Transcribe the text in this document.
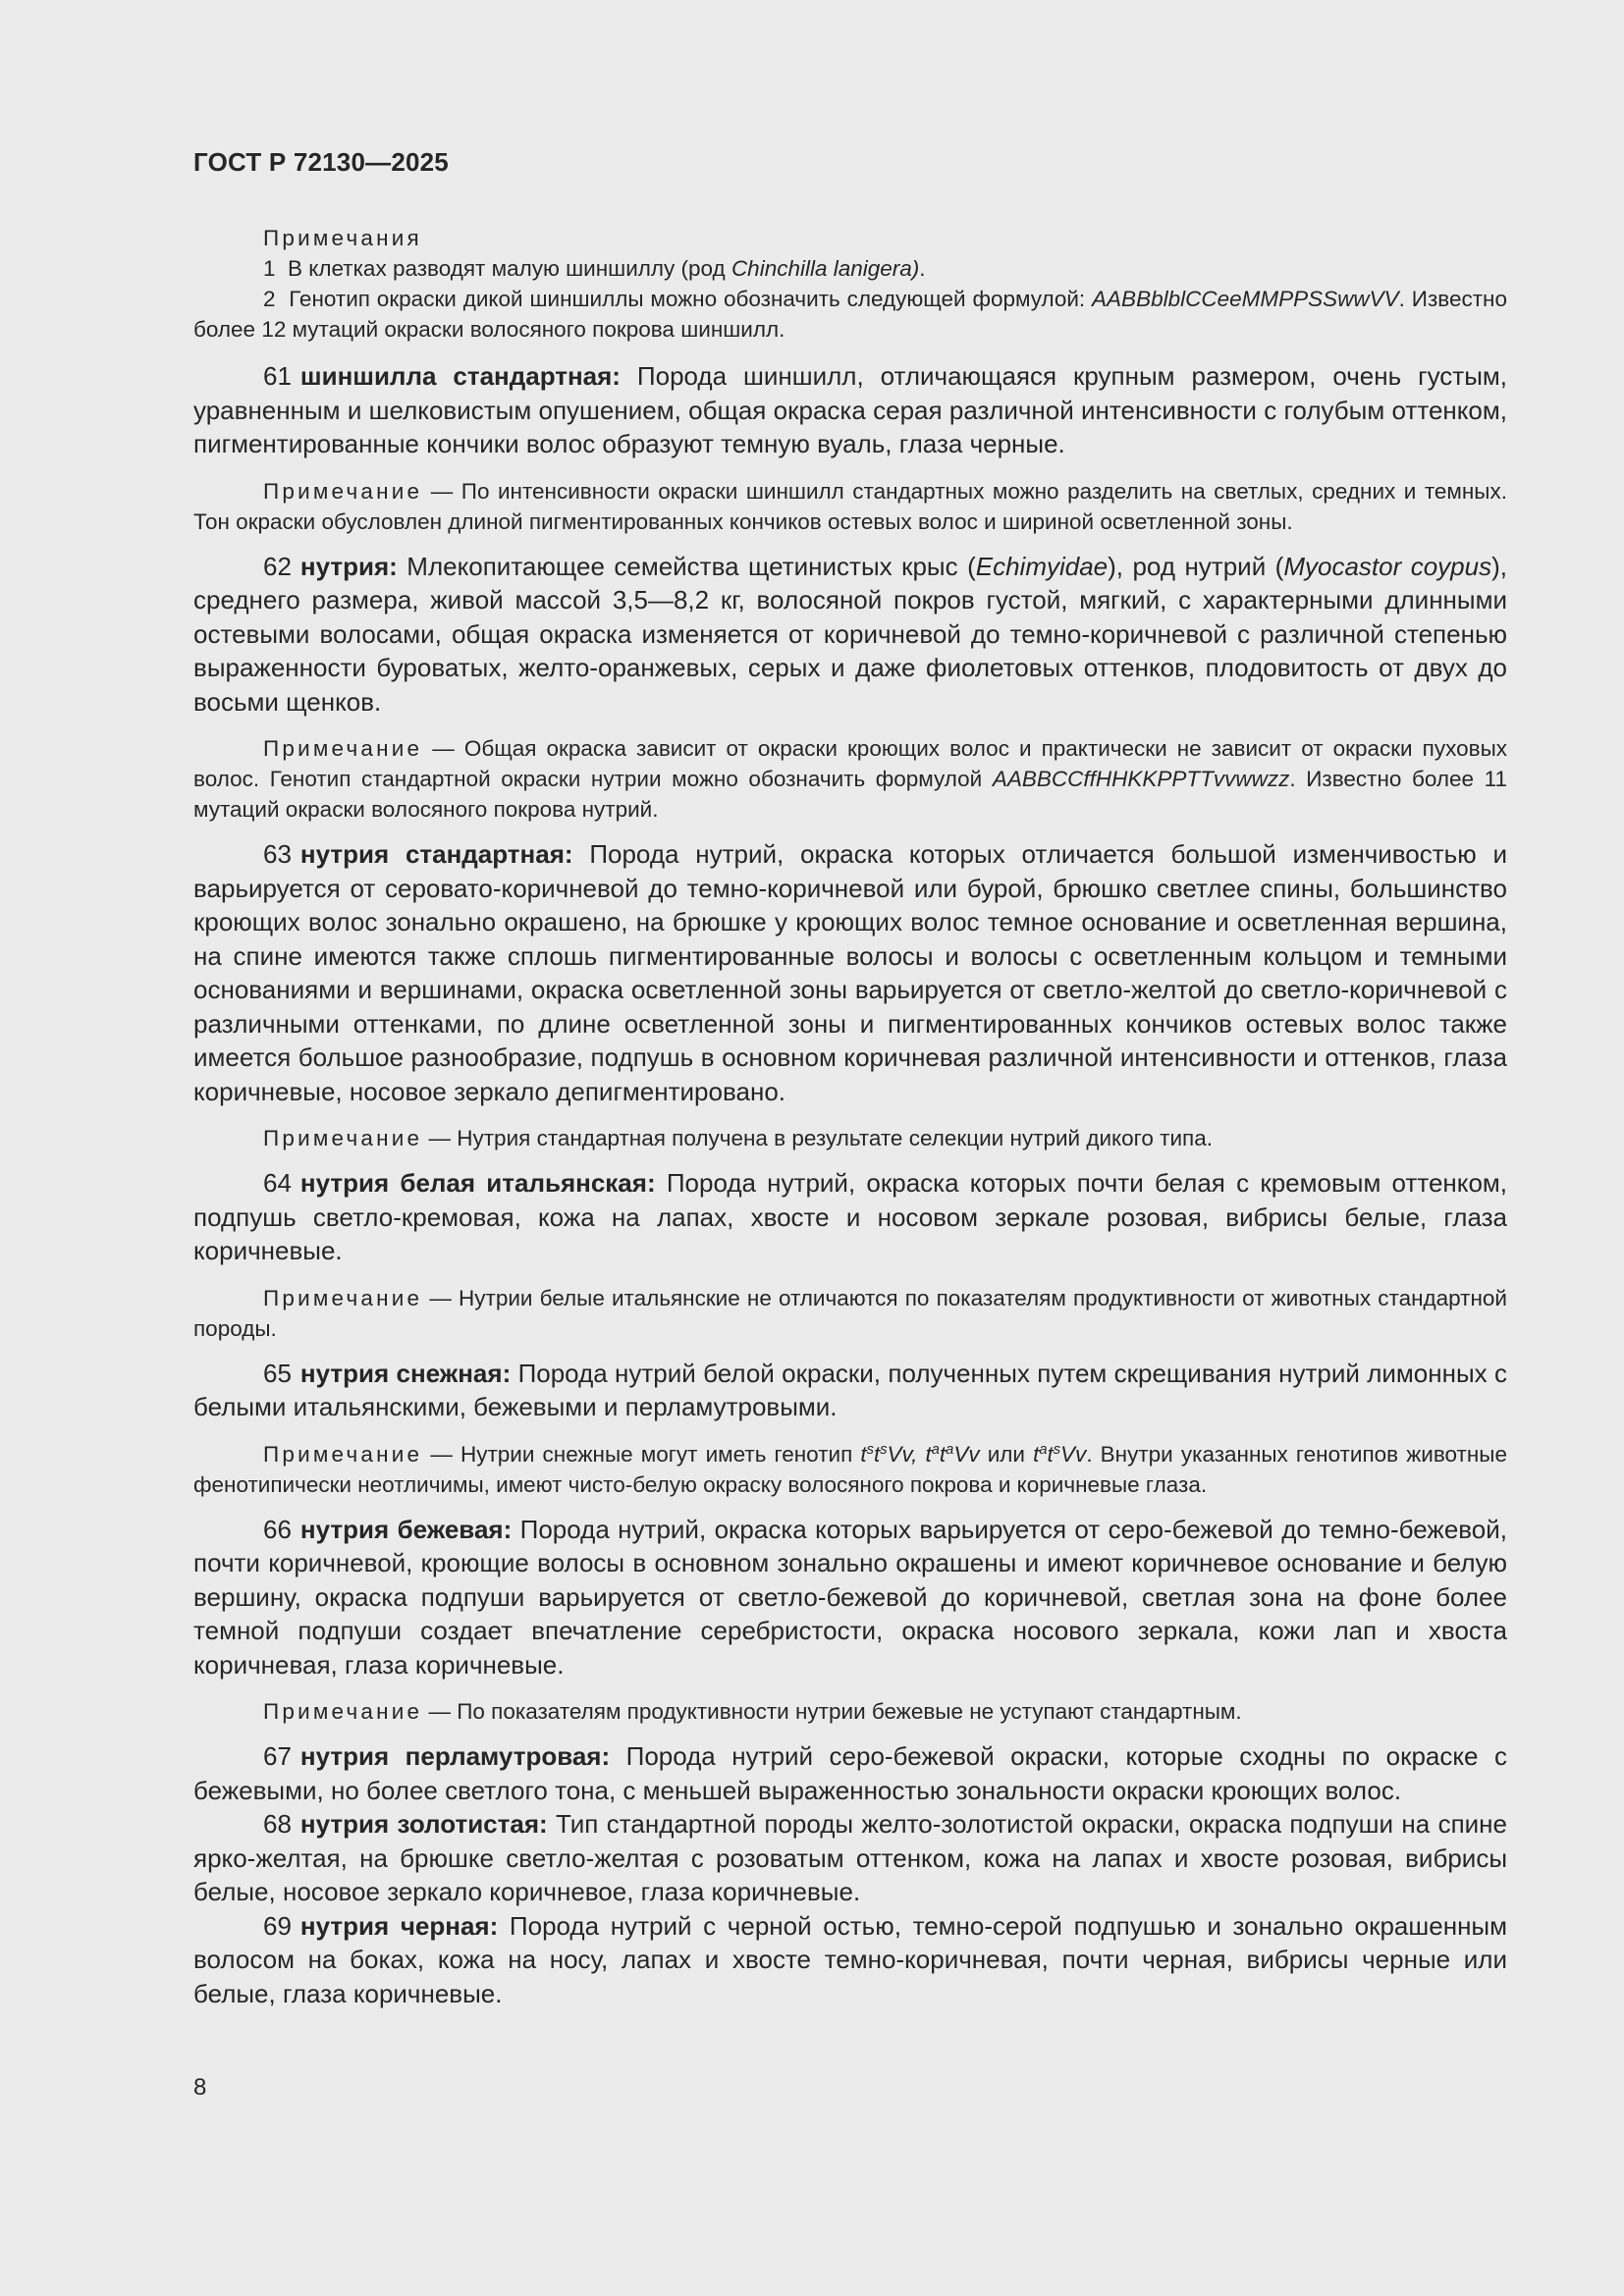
ГОСТ Р 72130—2025
Примечания
1 В клетках разводят малую шиншиллу (род Chinchilla lanigera).
2 Генотип окраски дикой шиншиллы можно обозначить следующей формулой: AABBblblCCeeMMPPSSwwVV. Известно более 12 мутаций окраски волосяного покрова шиншилл.

61 шиншилла стандартная: Порода шиншилл, отличающаяся крупным размером, очень густым, уравненным и шелковистым опушением, общая окраска серая различной интенсивности с голубым оттенком, пигментированные кончики волос образуют темную вуаль, глаза черные.

Примечание — По интенсивности окраски шиншилл стандартных можно разделить на светлых, средних и темных. Тон окраски обусловлен длиной пигментированных кончиков остевых волос и шириной осветленной зоны.

62 нутрия: Млекопитающее семейства щетинистых крыс (Echimyidae), род нутрий (Myocastor coypus), среднего размера, живой массой 3,5—8,2 кг, волосяной покров густой, мягкий, с характерными длинными остевыми волосами, общая окраска изменяется от коричневой до темно-коричневой с различной степенью выраженности буроватых, желто-оранжевых, серых и даже фиолетовых оттенков, плодовитость от двух до восьми щенков.

Примечание — Общая окраска зависит от окраски кроющих волос и практически не зависит от окраски пуховых волос. Генотип стандартной окраски нутрии можно обозначить формулой AABBCCffHHKKPPTTvvwwzz. Известно более 11 мутаций окраски волосяного покрова нутрий.

63 нутрия стандартная: Порода нутрий, окраска которых отличается большой изменчивостью и варьируется от серовато-коричневой до темно-коричневой или бурой, брюшко светлее спины, большинство кроющих волос зонально окрашено, на брюшке у кроющих волос темное основание и осветленная вершина, на спине имеются также сплошь пигментированные волосы и волосы с осветленным кольцом и темными основаниями и вершинами, окраска осветленной зоны варьируется от светло-желтой до светло-коричневой с различными оттенками, по длине осветленной зоны и пигментированных кончиков остевых волос также имеется большое разнообразие, подпушь в основном коричневая различной интенсивности и оттенков, глаза коричневые, носовое зеркало депигментировано.

Примечание — Нутрия стандартная получена в результате селекции нутрий дикого типа.

64 нутрия белая итальянская: Порода нутрий, окраска которых почти белая с кремовым оттенком, подпушь светло-кремовая, кожа на лапах, хвосте и носовом зеркале розовая, вибрисы белые, глаза коричневые.

Примечание — Нутрии белые итальянские не отличаются по показателям продуктивности от животных стандартной породы.

65 нутрия снежная: Порода нутрий белой окраски, полученных путем скрещивания нутрий лимонных с белыми итальянскими, бежевыми и перламутровыми.

Примечание — Нутрии снежные могут иметь генотип $t^st^sVv$, $t^at^aVv$ или $t^at^sVv$. Внутри указанных генотипов животные фенотипически неотличимы, имеют чисто-белую окраску волосяного покрова и коричневые глаза.

66 нутрия бежевая: Порода нутрий, окраска которых варьируется от серо-бежевой до темно-бежевой, почти коричневой, кроющие волосы в основном зонально окрашены и имеют коричневое основание и белую вершину, окраска подпуши варьируется от светло-бежевой до коричневой, светлая зона на фоне более темной подпуши создает впечатление серебристости, окраска носового зеркала, кожи лап и хвоста коричневая, глаза коричневые.

Примечание — По показателям продуктивности нутрии бежевые не уступают стандартным.

67 нутрия перламутровая: Порода нутрий серо-бежевой окраски, которые сходны по окраске с бежевыми, но более светлого тона, с меньшей выраженностью зональности окраски кроющих волос.

68 нутрия золотистая: Тип стандартной породы желто-золотистой окраски, окраска подпуши на спине ярко-желтая, на брюшке светло-желтая с розоватым оттенком, кожа на лапах и хвосте розовая, вибрисы белые, носовое зеркало коричневое, глаза коричневые.

69 нутрия черная: Порода нутрий с черной остью, темно-серой подпушью и зонально окрашенным волосом на боках, кожа на носу, лапах и хвосте темно-коричневая, почти черная, вибрисы черные или белые, глаза коричневые.

8
